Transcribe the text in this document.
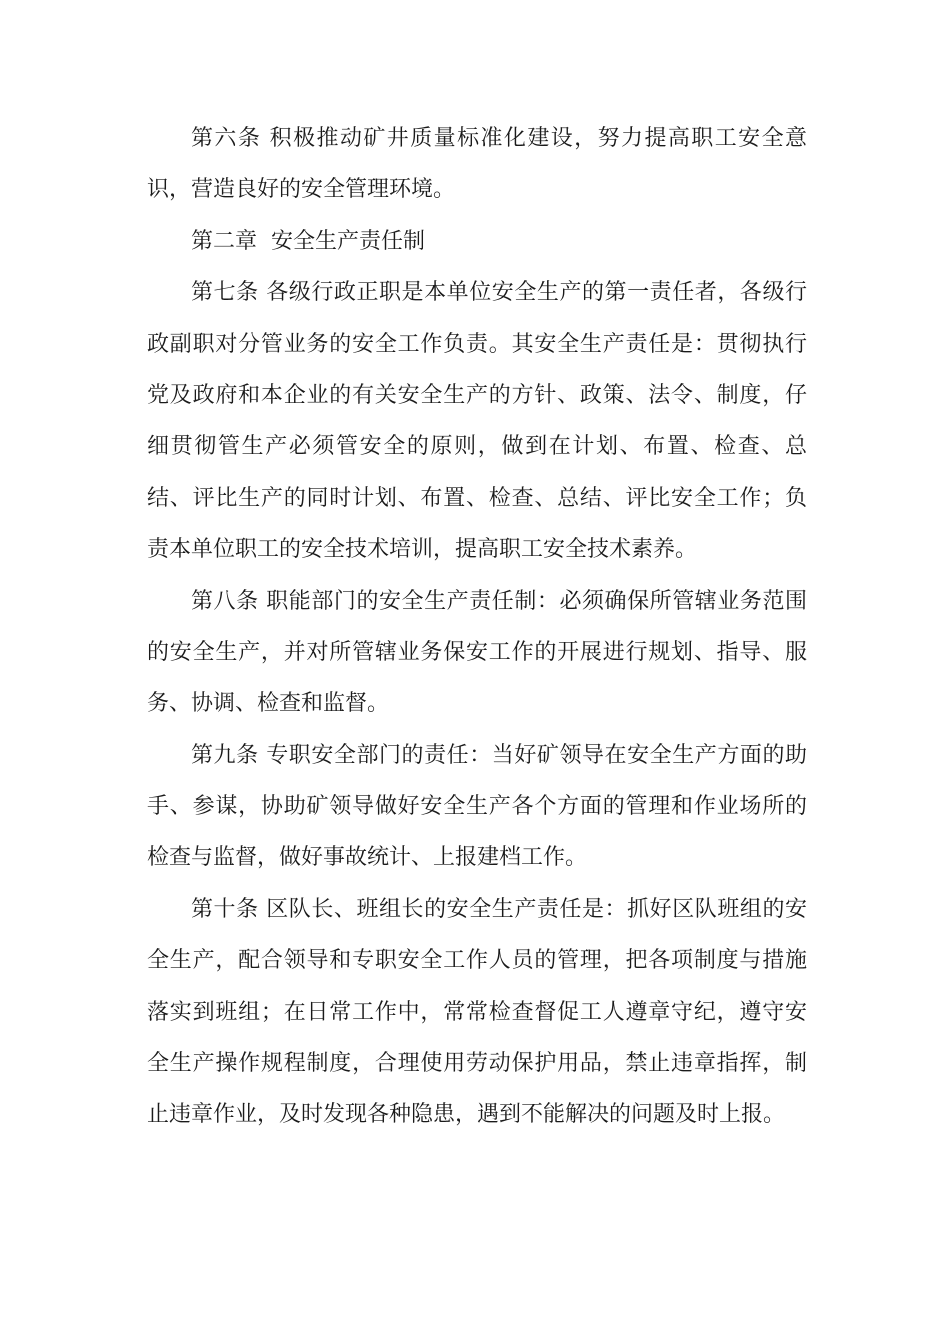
第六条 积极推动矿井质量标准化建设，努力提高职工安全意
识，营造良好的安全管理环境。
第二章  安全生产责任制
第七条 各级行政正职是本单位安全生产的第一责任者，各级行
政副职对分管业务的安全工作负责。其安全生产责任是：贯彻执行
党及政府和本企业的有关安全生产的方针、政策、法令、制度，仔
细贯彻管生产必须管安全的原则，做到在计划、布置、检查、总
结、评比生产的同时计划、布置、检查、总结、评比安全工作；负
责本单位职工的安全技术培训，提高职工安全技术素养。
第八条 职能部门的安全生产责任制：必须确保所管辖业务范围
的安全生产，并对所管辖业务保安工作的开展进行规划、指导、服
务、协调、检查和监督。
第九条 专职安全部门的责任：当好矿领导在安全生产方面的助
手、参谋，协助矿领导做好安全生产各个方面的管理和作业场所的
检查与监督，做好事故统计、上报建档工作。
第十条 区队长、班组长的安全生产责任是：抓好区队班组的安
全生产，配合领导和专职安全工作人员的管理，把各项制度与措施
落实到班组；在日常工作中，常常检查督促工人遵章守纪，遵守安
全生产操作规程制度，合理使用劳动保护用品，禁止违章指挥，制
止违章作业，及时发现各种隐患，遇到不能解决的问题及时上报。
